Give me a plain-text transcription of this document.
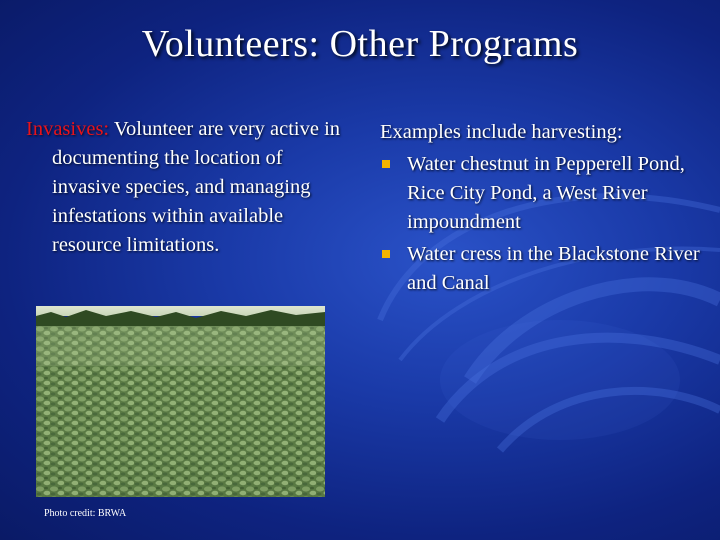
Volunteers: Other Programs
Invasives: Volunteer are very active in documenting the location of invasive species, and managing infestations within available resource limitations.
Photo credit: BRWA
Examples include harvesting:
Water chestnut in Pepperell Pond, Rice City Pond, a West River impoundment
Water cress in the Blackstone River and Canal
